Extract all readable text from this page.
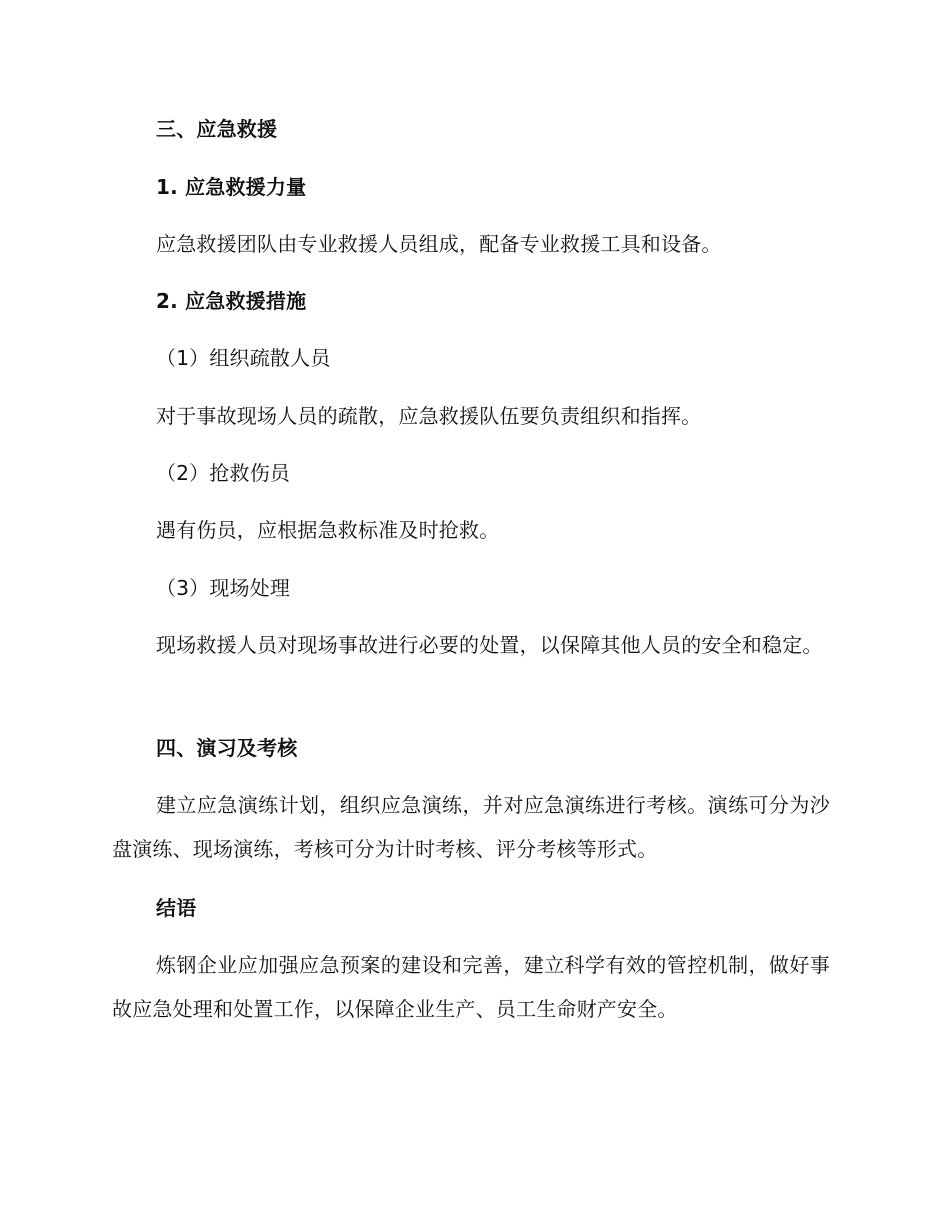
三、应急救援
1. 应急救援力量
应急救援团队由专业救援人员组成，配备专业救援工具和设备。
2. 应急救援措施
（1）组织疏散人员
对于事故现场人员的疏散，应急救援队伍要负责组织和指挥。
（2）抢救伤员
遇有伤员，应根据急救标准及时抢救。
（3）现场处理
现场救援人员对现场事故进行必要的处置，以保障其他人员的安全和稳定。
四、演习及考核
建立应急演练计划，组织应急演练，并对应急演练进行考核。演练可分为沙盘演练、现场演练，考核可分为计时考核、评分考核等形式。
结语
炼钢企业应加强应急预案的建设和完善，建立科学有效的管控机制，做好事故应急处理和处置工作，以保障企业生产、员工生命财产安全。
